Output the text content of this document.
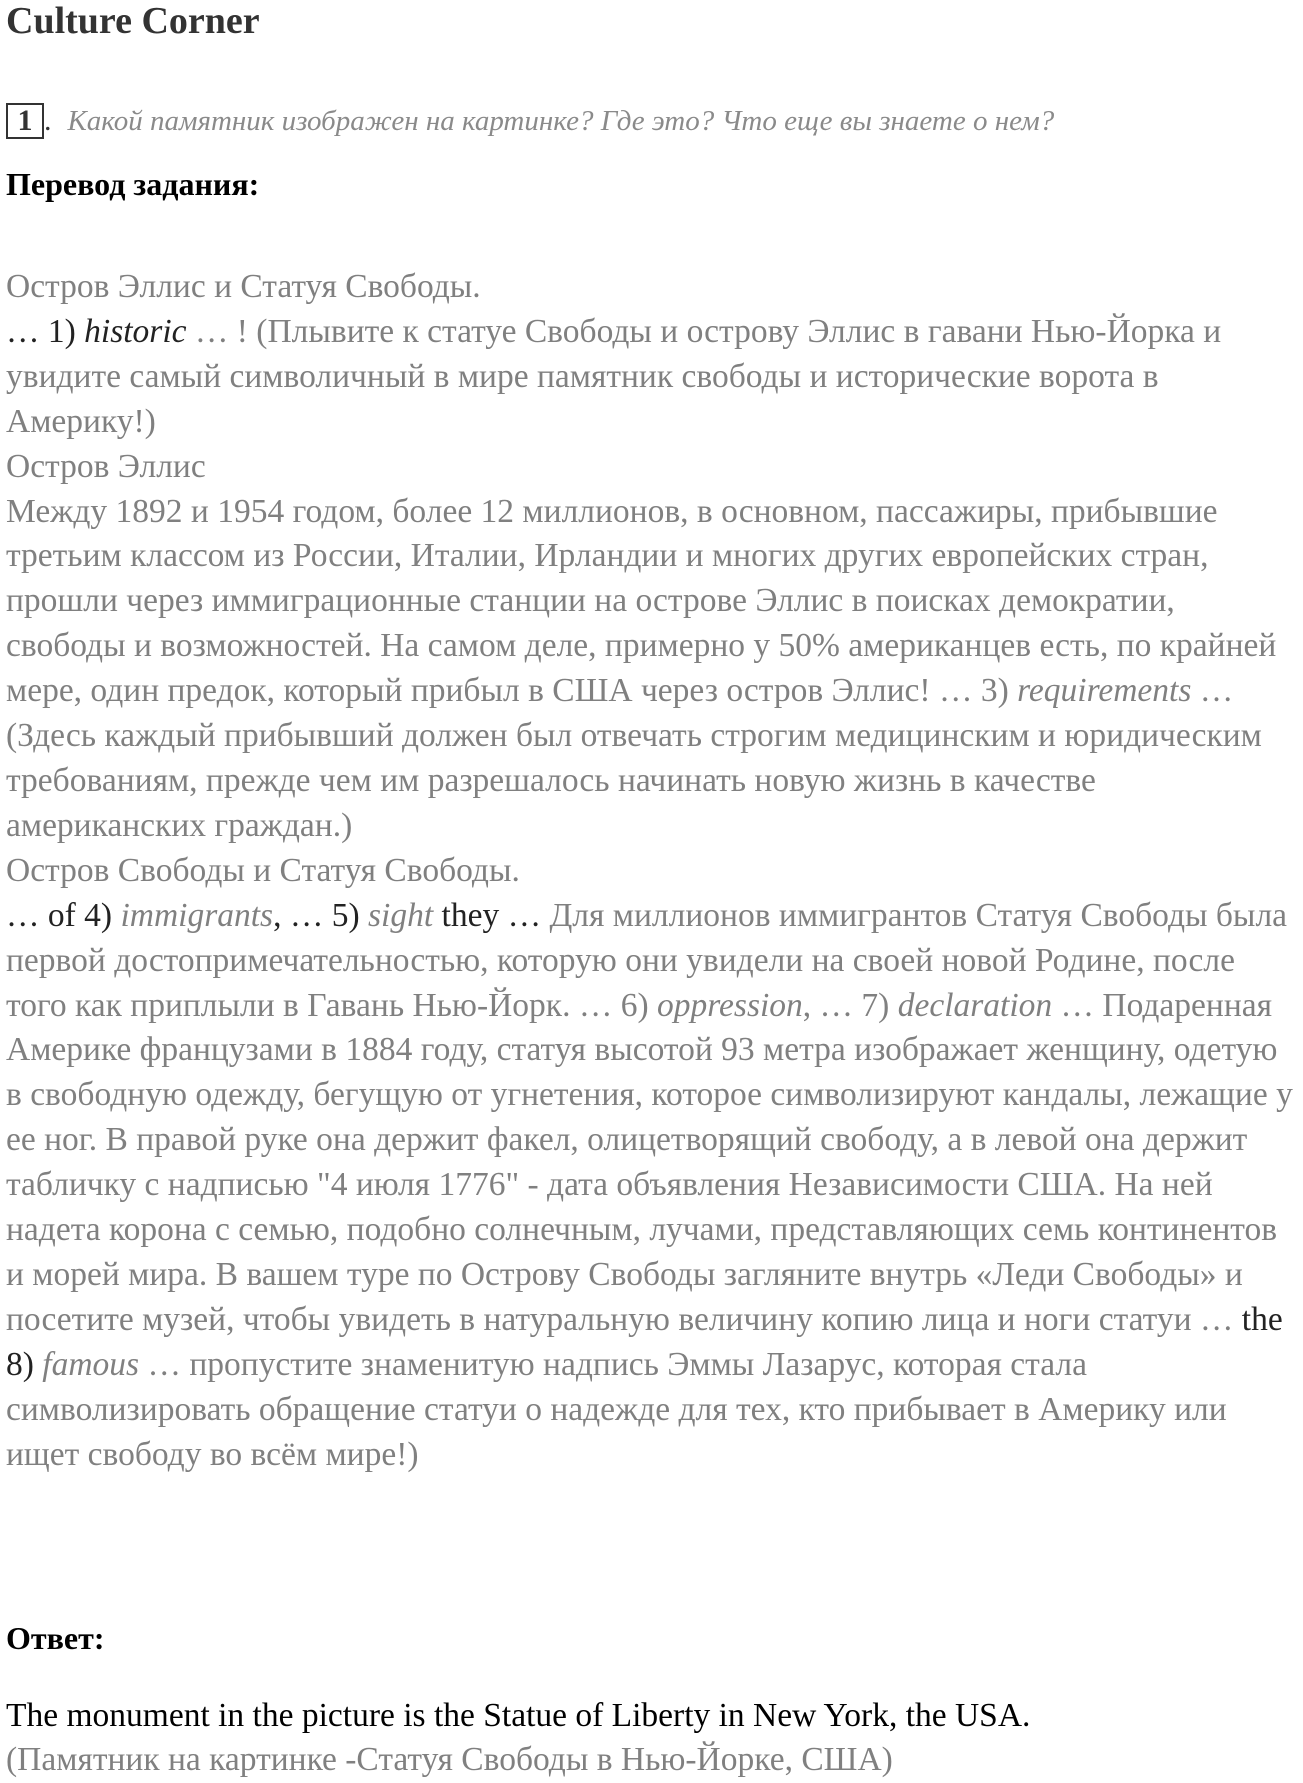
Culture Corner
1 . Какой памятник изображен на картинке? Где это? Что еще вы знаете о нем?
Перевод задания:

Остров Эллис и Статуя Свободы.

… 1) historic … ! (Плывите к статуе Свободы и острову Эллис в гавани Нью-Йорка и увидите самый символичный в мире памятник свободы и исторические ворота в Америку!)

Остров Эллис

Между 1892 и 1954 годом, более 12 миллионов, в основном, пассажиры, прибывшие третьим классом из России, Италии, Ирландии и многих других европейских стран, прошли через иммиграционные станции на острове Эллис в поисках демократии, свободы и возможностей. На самом деле, примерно у 50% американцев есть, по крайней мере, один предок, который прибыл в США через остров Эллис! … 3) requirements … (Здесь каждый прибывший должен был отвечать строгим медицинским и юридическим требованиям, прежде чем им разрешалось начинать новую жизнь в качестве американских граждан.)

Остров Свободы и Статуя Свободы.

… of 4) immigrants, … 5) sight they … Для миллионов иммигрантов Статуя Свободы была первой достопримечательностью, которую они увидели на своей новой Родине, после того как приплыли в Гавань Нью-Йорк. … 6) oppression, … 7) declaration … Подаренная Америке французами в 1884 году, статуя высотой 93 метра изображает женщину, одетую в свободную одежду, бегущую от угнетения, которое символизируют кандалы, лежащие у ее ног. В правой руке она держит факел, олицетворящий свободу, а в левой она держит табличку с надписью "4 июля 1776" - дата объявления Независимости США. На ней надета корона с семью, подобно солнечным, лучами, представляющих семь континентов и морей мира. В вашем туре по Острову Свободы загляните внутрь «Леди Свободы» и посетите музей, чтобы увидеть в натуральную величину копию лица и ноги статуи … the 8) famous … пропустите знаменитую надпись Эммы Лазарус, которая стала символизировать обращение статуи о надежде для тех, кто прибывает в Америку или ищет свободу во всём мире!)

Ответ:

The monument in the picture is the Statue of Liberty in New York, the USA.

(Памятник на картинке -Статуя Свободы в Нью-Йорке, США)
